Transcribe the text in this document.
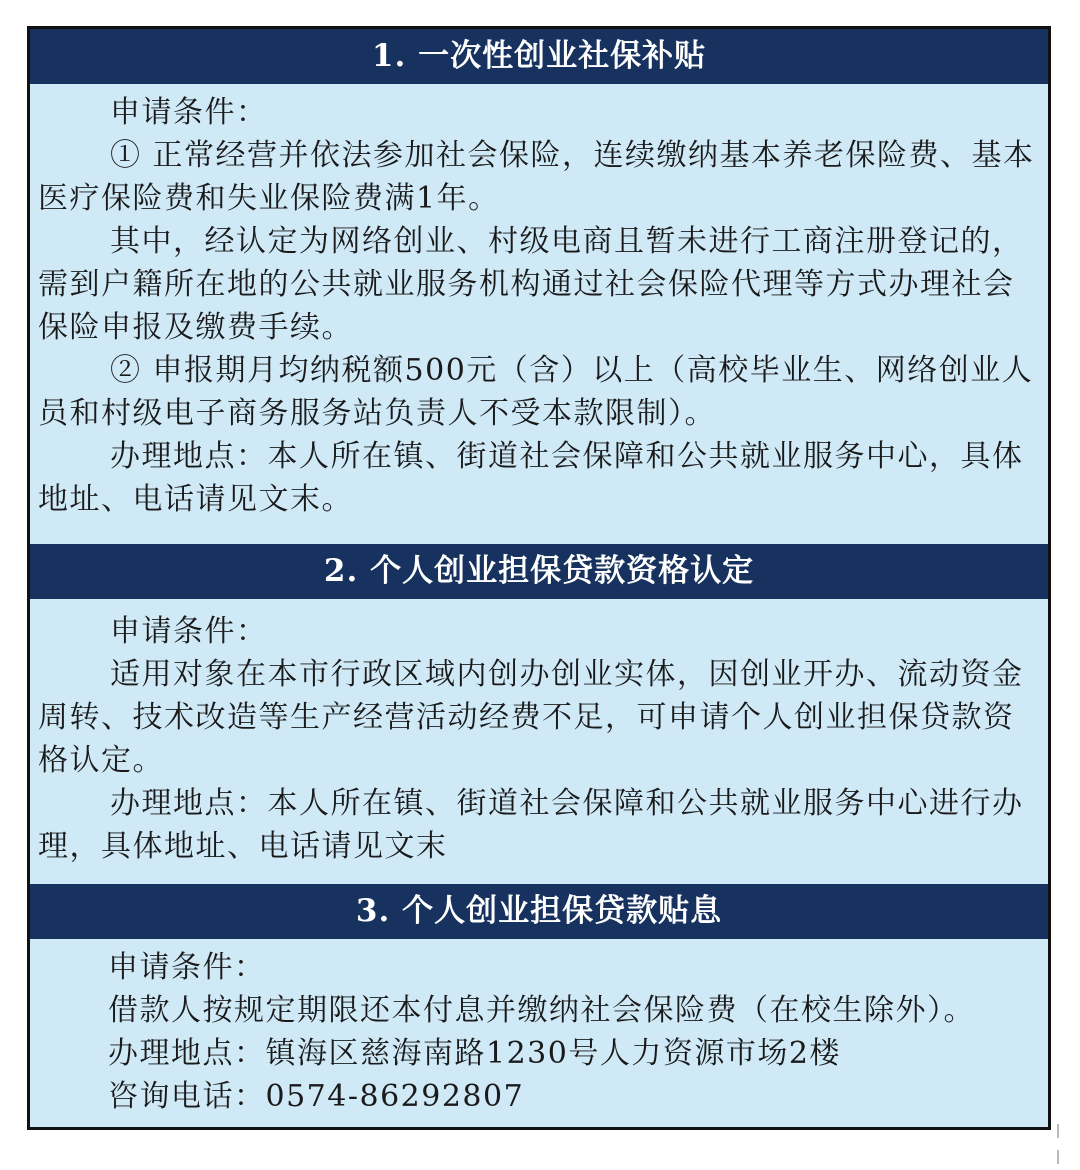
1. 一次性创业社保补贴

申请条件：

① 正常经营并依法参加社会保险，连续缴纳基本养老保险费、基本医疗保险费和失业保险费满1年。

其中，经认定为网络创业、村级电商且暂未进行工商注册登记的，需到户籍所在地的公共就业服务机构通过社会保险代理等方式办理社会保险申报及缴费手续。

② 申报期月均纳税额500元（含）以上（高校毕业生、网络创业人员和村级电子商务服务站负责人不受本款限制）。

办理地点：本人所在镇、街道社会保障和公共就业服务中心，具体地址、电话请见文末。

2. 个人创业担保贷款资格认定

申请条件：

适用对象在本市行政区域内创办创业实体，因创业开办、流动资金周转、技术改造等生产经营活动经费不足，可申请个人创业担保贷款资格认定。

办理地点：本人所在镇、街道社会保障和公共就业服务中心进行办理，具体地址、电话请见文末

3. 个人创业担保贷款贴息

申请条件：

借款人按规定期限还本付息并缴纳社会保险费（在校生除外）。

办理地点：镇海区慈海南路1230号人力资源市场2楼

咨询电话：0574-86292807
